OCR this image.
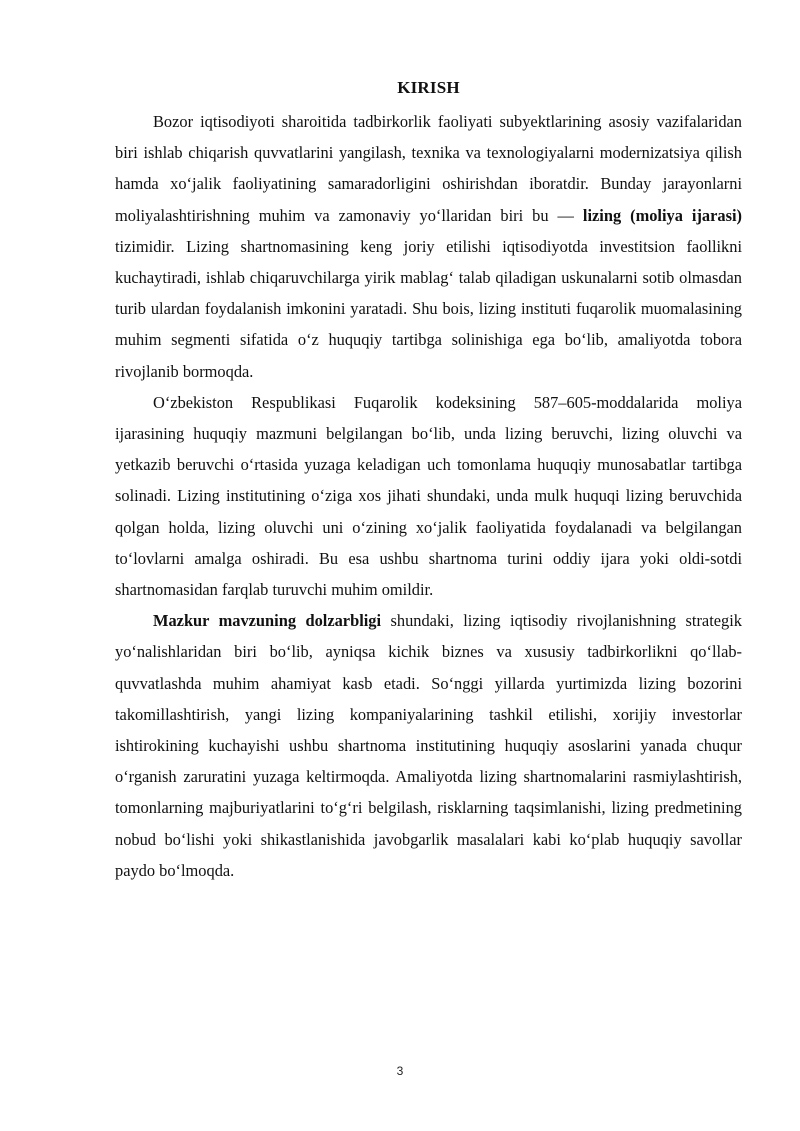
KIRISH

Bozor iqtisodiyoti sharoitida tadbirkorlik faoliyati subyektlarining asosiy vazifalaridan biri ishlab chiqarish quvvatlarini yangilash, texnika va texnologiyalarni modernizatsiya qilish hamda xo‘jalik faoliyatining samaradorligini oshirishdan iboratdir. Bunday jarayonlarni moliyalashtirishning muhim va zamonaviy yo‘llaridan biri bu — lizing (moliya ijarasi) tizimidir. Lizing shartnomasining keng joriy etilishi iqtisodiyotda investitsion faollikni kuchaytiradi, ishlab chiqaruvchilarga yirik mablag‘ talab qiladigan uskunalarni sotib olmasdan turib ulardan foydalanish imkonini yaratadi. Shu bois, lizing instituti fuqarolik muomalasining muhim segmenti sifatida o‘z huquqiy tartibga solinishiga ega bo‘lib, amaliyotda tobora rivojlanib bormoqda.

O‘zbekiston Respublikasi Fuqarolik kodeksining 587–605-moddalarida moliya ijarasining huquqiy mazmuni belgilangan bo‘lib, unda lizing beruvchi, lizing oluvchi va yetkazib beruvchi o‘rtasida yuzaga keladigan uch tomonlama huquqiy munosabatlar tartibga solinadi. Lizing institutining o‘ziga xos jihati shundaki, unda mulk huquqi lizing beruvchida qolgan holda, lizing oluvchi uni o‘zining xo‘jalik faoliyatida foydalanadi va belgilangan to‘lovlarni amalga oshiradi. Bu esa ushbu shartnoma turini oddiy ijara yoki oldi-sotdi shartnomasidan farqlab turuvchi muhim omildir.

Mazkur mavzuning dolzarbligi shundaki, lizing iqtisodiy rivojlanishning strategik yo‘nalishlaridan biri bo‘lib, ayniqsa kichik biznes va xususiy tadbirkorlikni qo‘llab-quvvatlashda muhim ahamiyat kasb etadi. So‘nggi yillarda yurtimizda lizing bozorini takomillashtirish, yangi lizing kompaniyalarining tashkil etilishi, xorijiy investorlar ishtirokining kuchayishi ushbu shartnoma institutining huquqiy asoslarini yanada chuqur o‘rganish zaruratini yuzaga keltirmoqda. Amaliyotda lizing shartnomalarini rasmiylashtirish, tomonlarning majburiyatlarini to‘g‘ri belgilash, risklarning taqsimlanishi, lizing predmetining nobud bo‘lishi yoki shikastlanishida javobgarlik masalalari kabi ko‘plab huquqiy savollar paydo bo‘lmoqda.

3
